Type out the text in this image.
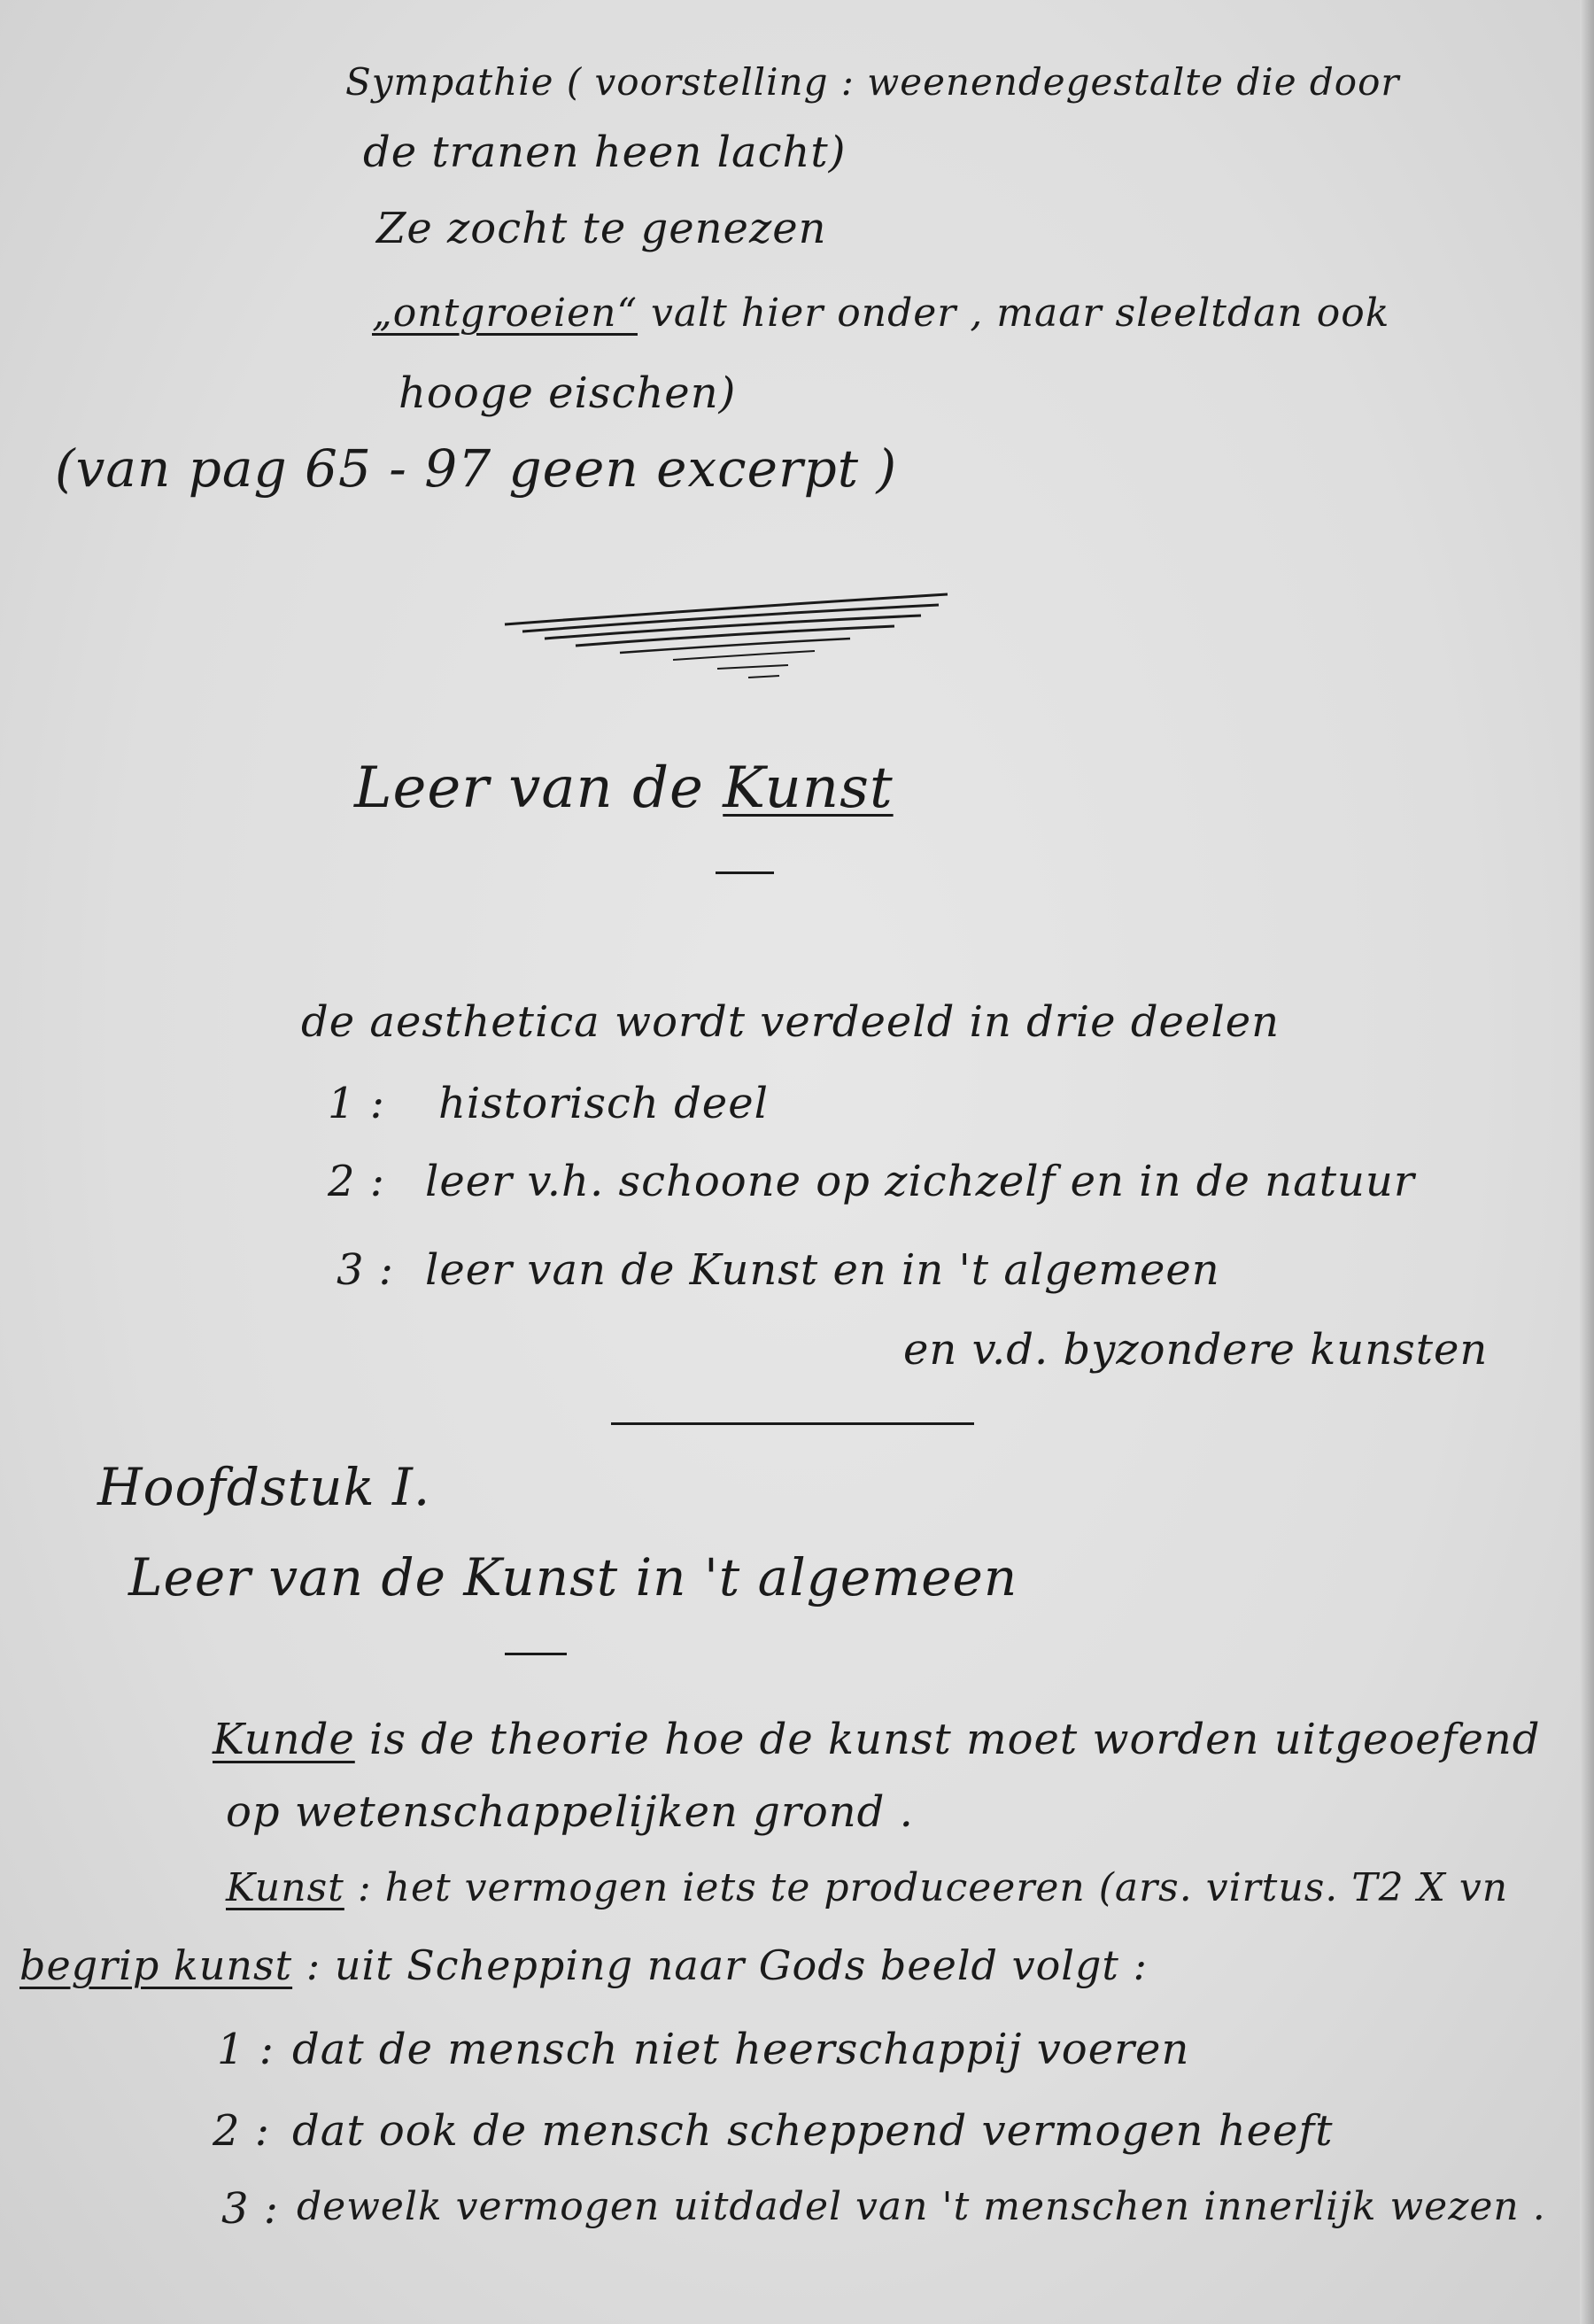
Sympathie ( voorstelling : weenendegestalte die door
de tranen heen lacht)
Ze zocht te genezen
„ontgroeien“ valt hier onder , maar sleeltdan ook
hooge eischen)
(van pag 65 - 97 geen excerpt )
Leer van de Kunst
de aesthetica wordt verdeeld in drie deelen
1 : historisch deel
2 : leer v.h. schoone op zichzelf en in de natuur
3 : leer van de Kunst en in 't algemeen
en v.d. byzondere kunsten
Hoofdstuk I.
Leer van de Kunst in 't algemeen
Kunde is de theorie hoe de kunst moet worden uitgeoefend
op wetenschappelijken grond .
Kunst : het vermogen iets te produceeren (ars. virtus. T2 X vn
begrip kunst : uit Schepping naar Gods beeld volgt :
1 : dat de mensch niet heerschappij voeren
2 : dat ook de mensch scheppend vermogen heeft
3 : dewelk vermogen uitdadel van 't menschen innerlijk wezen .
